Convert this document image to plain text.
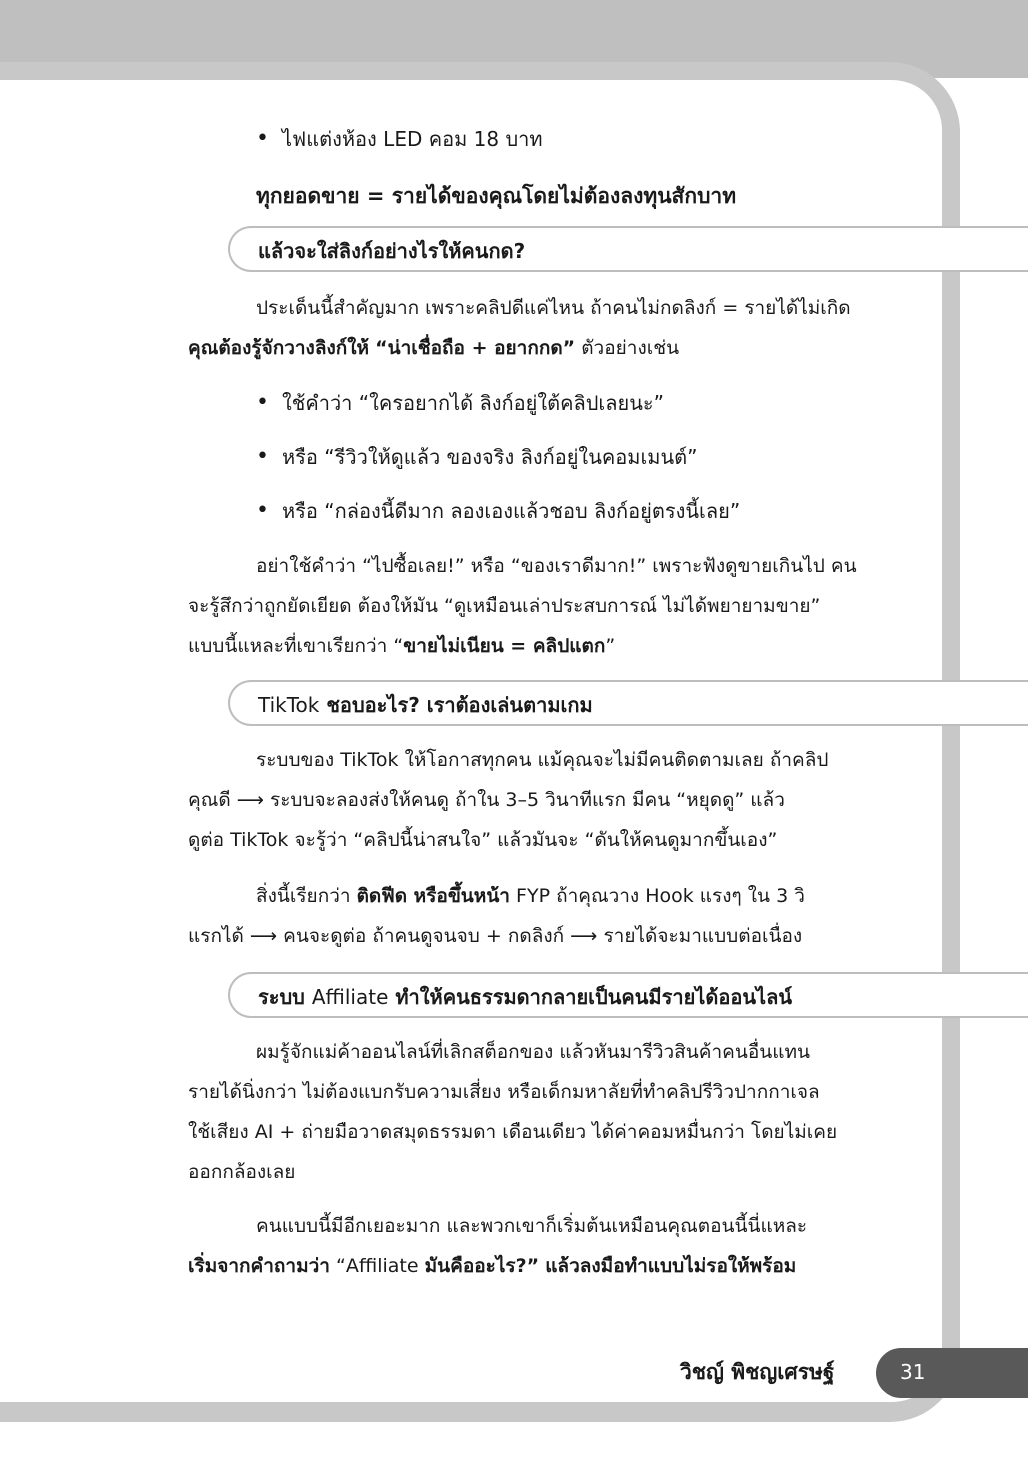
• ไฟแต่งห้อง LED คอม 18 บาท
ทุกยอดขาย = รายได้ของคุณโดยไม่ต้องลงทุนสักบาท
แล้วจะใส่ลิงก์อย่างไรให้คนกด?
ประเด็นนี้สำคัญมาก เพราะคลิปดีแค่ไหน ถ้าคนไม่กดลิงก์ = รายได้ไม่เกิด
คุณต้องรู้จักวางลิงก์ให้ “น่าเชื่อถือ + อยากกด” ตัวอย่างเช่น
• ใช้คำว่า “ใครอยากได้ ลิงก์อยู่ใต้คลิปเลยนะ”
• หรือ “รีวิวให้ดูแล้ว ของจริง ลิงก์อยู่ในคอมเมนต์”
• หรือ “กล่องนี้ดีมาก ลองเองแล้วชอบ ลิงก์อยู่ตรงนี้เลย”
อย่าใช้คำว่า “ไปซื้อเลย!” หรือ “ของเราดีมาก!” เพราะฟังดูขายเกินไป คน
จะรู้สึกว่าถูกยัดเยียด ต้องให้มัน “ดูเหมือนเล่าประสบการณ์ ไม่ได้พยายามขาย”
แบบนี้แหละที่เขาเรียกว่า “ขายไม่เนียน = คลิปแตก”
TikTok ชอบอะไร? เราต้องเล่นตามเกม
ระบบของ TikTok ให้โอกาสทุกคน แม้คุณจะไม่มีคนติดตามเลย ถ้าคลิป
คุณดี ⟶ ระบบจะลองส่งให้คนดู ถ้าใน 3–5 วินาทีแรก มีคน “หยุดดู” แล้ว
ดูต่อ TikTok จะรู้ว่า “คลิปนี้น่าสนใจ” แล้วมันจะ “ดันให้คนดูมากขึ้นเอง”
สิ่งนี้เรียกว่า ติดฟีด หรือขึ้นหน้า FYP ถ้าคุณวาง Hook แรงๆ ใน 3 วิ
แรกได้ ⟶ คนจะดูต่อ ถ้าคนดูจนจบ + กดลิงก์ ⟶ รายได้จะมาแบบต่อเนื่อง
ระบบ Affiliate ทำให้คนธรรมดากลายเป็นคนมีรายได้ออนไลน์
ผมรู้จักแม่ค้าออนไลน์ที่เลิกสต็อกของ แล้วหันมารีวิวสินค้าคนอื่นแทน
รายได้นิ่งกว่า ไม่ต้องแบกรับความเสี่ยง หรือเด็กมหาลัยที่ทำคลิปรีวิวปากกาเจล
ใช้เสียง AI + ถ่ายมือวาดสมุดธรรมดา เดือนเดียว ได้ค่าคอมหมื่นกว่า โดยไม่เคย
ออกกล้องเลย
คนแบบนี้มีอีกเยอะมาก และพวกเขาก็เริ่มต้นเหมือนคุณตอนนี้นี่แหละ
เริ่มจากคำถามว่า “Affiliate มันคืออะไร?” แล้วลงมือทำแบบไม่รอให้พร้อม
วิชญ์ พิชญเศรษฐ์	31
